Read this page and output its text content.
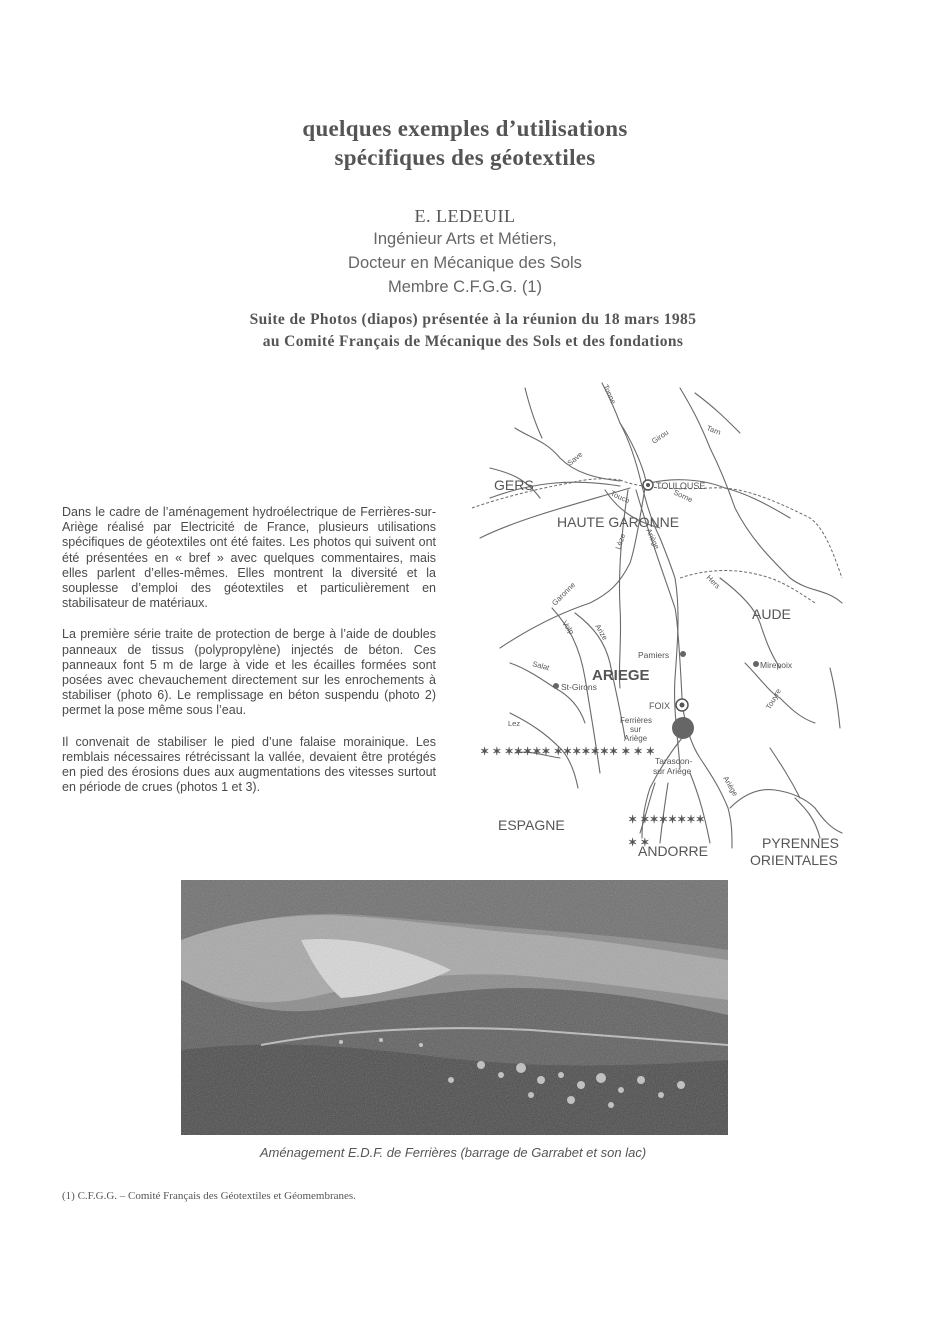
quelques exemples d’utilisations
spécifiques des géotextiles
E. LEDEUIL
Ingénieur Arts et Métiers,
Docteur en Mécanique des Sols
Membre C.F.G.G. (1)
Suite de Photos (diapos) présentée à la réunion du 18 mars 1985
au Comité Français de Mécanique des Sols et des fondations

Dans le cadre de l’aménagement hydroélectrique de Ferrières-sur-Ariège réalisé par Electricité de France, plusieurs utilisations spécifiques de géotextiles ont été faites. Les photos qui suivent ont été présentées en « bref » avec quelques commentaires, mais elles parlent d’elles-mêmes. Elles montrent la diversité et la souplesse d’emploi des géotextiles et particulièrement en stabilisateur de matériaux.

La première série traite de protection de berge à l’aide de doubles panneaux de tissus (polypropylène) injectés de béton. Ces panneaux font 5 m de large à vide et les écailles formées sont posées avec chevauchement directement sur les enrochements à stabiliser (photo 6). Le remplissage en béton suspendu (photo 2) permet la pose même sous l’eau.

Il convenait de stabiliser le pied d’une falaise morainique. Les remblais nécessaires rétrécissant la vallée, devaient être protégés en pied des érosions dues aux augmentations des vitesses surtout en période de crues (photos 1 et 3).

✶ ✶ ✶✶✶✶✶ ✶✶✶✶✶✶✶ ✶ ✶ ✶
✶ ✶✶✶✶✶✶✶
✶ ✶
GERS
HAUTE GARONNE
AUDE
ARIEGE
ESPAGNE
ANDORRE	PYRENNES
ORIENTALES
TOULOUSE
Pamiers
Mirepoix
St-Girons
FOIX
Ferrières
sur
Ariège
Tarascon-
sur Ariège
Tarn
Tonne
Girou
Save
Touch	Sorne
Lèze Ariège
Hers
Garonne
Volp Arize
Salat
Lez
Touyre
Ariège
Aménagement E.D.F. de Ferrières (barrage de Garrabet et son lac)
(1) C.F.G.G. – Comité Français des Géotextiles et Géomembranes.
